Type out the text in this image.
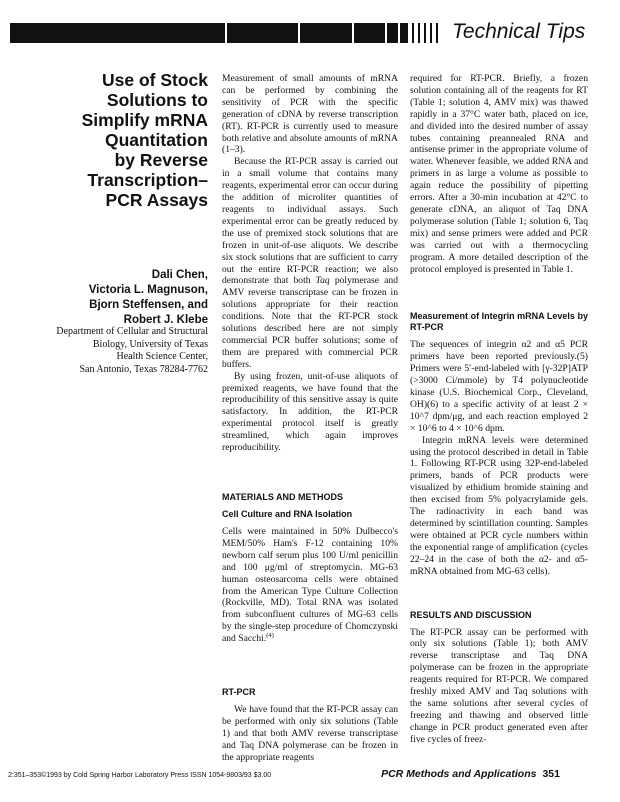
Technical Tips
Use of Stock
Solutions to
Simplify mRNA
Quantitation
by Reverse
Transcription–
PCR Assays
Dali Chen,
Victoria L. Magnuson,
Bjorn Steffensen, and
Robert J. Klebe
Department of Cellular and Structural
Biology, University of Texas
Health Science Center,
San Antonio, Texas 78284-7762

Measurement of small amounts of mRNA can be performed by combining the sensitivity of PCR with the specific generation of cDNA by reverse transcription (RT). RT-PCR is currently used to measure both relative and absolute amounts of mRNA (1–3).

Because the RT-PCR assay is carried out in a small volume that contains many reagents, experimental error can occur during the addition of microliter quantities of reagents to individual assays. Such experimental error can be greatly reduced by the use of premixed stock solutions that are frozen in unit-of-use aliquots. We describe six stock solutions that are sufficient to carry out the entire RT-PCR reaction; we also demonstrate that both Taq polymerase and AMV reverse transcriptase can be frozen in solutions appropriate for their reaction conditions. Note that the RT-PCR stock solutions described here are not simply commercial PCR buffer solutions; some of them are prepared with commercial PCR buffers.

By using frozen, unit-of-use aliquots of premixed reagents, we have found that the reproducibility of this sensitive assay is quite satisfactory. In addition, the RT-PCR experimental protocol itself is greatly streamlined, which again improves reproducibility.

MATERIALS AND METHODS
Cell Culture and RNA Isolation

Cells were maintained in 50% Dulbecco's MEM/50% Ham's F-12 containing 10% newborn calf serum plus 100 U/ml penicillin and 100 μg/ml of streptomycin. MG-63 human osteosarcoma cells were obtained from the American Type Culture Collection (Rockville, MD). Total RNA was isolated from subconfluent cultures of MG-63 cells by the single-step procedure of Chomczynski and Sacchi.$^{(4)}$

RT-PCR

We have found that the RT-PCR assay can be performed with only six solutions (Table 1) and that both AMV reverse transcriptase and Taq DNA polymerase can be frozen in the appropriate reagents

required for RT-PCR. Briefly, a frozen solution containing all of the reagents for RT (Table 1; solution 4, AMV mix) was thawed rapidly in a 37°C water bath, placed on ice, and divided into the desired number of assay tubes containing preannealed RNA and antisense primer in the appropriate volume of water. Whenever feasible, we added RNA and primers in as large a volume as possible to again reduce the possibility of pipetting errors. After a 30-min incubation at 42°C to generate cDNA, an aliquot of Taq DNA polymerase solution (Table 1; solution 6, Taq mix) and sense primers were added and PCR was carried out with a thermocycling program. A more detailed description of the protocol employed is presented in Table 1.

Measurement of Integrin mRNA Levels by RT-PCR

The sequences of integrin α2 and α5 PCR primers have been reported previously.(5) Primers were 5′-end-labeled with [γ-32P]ATP (>3000 Ci/mmole) by T4 polynucleotide kinase (U.S. Biochemical Corp., Cleveland, OH)(6) to a specific activity of at least 2 × 10^7 dpm/μg, and each reaction employed 2 × 10^6 to 4 × 10^6 dpm.

Integrin mRNA levels were determined using the protocol described in detail in Table 1. Following RT-PCR using 32P-end-labeled primers, bands of PCR products were visualized by ethidium bromide staining and then excised from 5% polyacrylamide gels. The radioactivity in each band was determined by scintillation counting. Samples were obtained at PCR cycle numbers within the exponential range of amplification (cycles 22–24 in the case of both the α2- and α5-mRNA obtained from MG-63 cells).

RESULTS AND DISCUSSION

The RT-PCR assay can be performed with only six solutions (Table 1); both AMV reverse transcriptase and Taq DNA polymerase can be frozen in the appropriate reagents required for RT-PCR. We compared freshly mixed AMV and Taq solutions with the same solutions after several cycles of freezing and thawing and observed little change in PCR product generated even after five cycles of freez-

2:351–353©1993 by Cold Spring Harbor Laboratory Press ISSN 1054-9803/93 $3.00	PCR Methods and Applications 351
